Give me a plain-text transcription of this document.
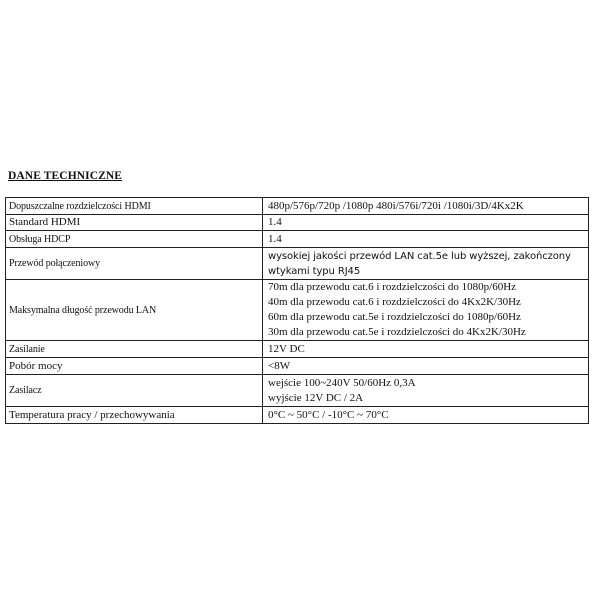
DANE TECHNICZNE
Dopuszczalne rozdzielczości HDMI	480p/576p/720p /1080p 480i/576i/720i /1080i/3D/4Kx2K

Standard HDMI	1.4

Obsługa HDCP	1.4

Przewód połączeniowy	wysokiej jakości przewód LAN cat.5e lub wyższej, zakończony
wtykami typu RJ45

Maksymalna długość przewodu LAN	70m dla przewodu cat.6 i rozdzielczości do 1080p/60Hz
40m dla przewodu cat.6 i rozdzielczości do 4Kx2K/30Hz
60m dla przewodu cat.5e i rozdzielczości do 1080p/60Hz
30m dla przewodu cat.5e i rozdzielczości do 4Kx2K/30Hz

Zasilanie	12V DC

Pobór mocy	<8W

Zasilacz	wejście 100~240V 50/60Hz 0,3A
wyjście 12V DC / 2A

Temperatura pracy / przechowywania	0°C ~ 50°C / -10°C ~ 70°C
